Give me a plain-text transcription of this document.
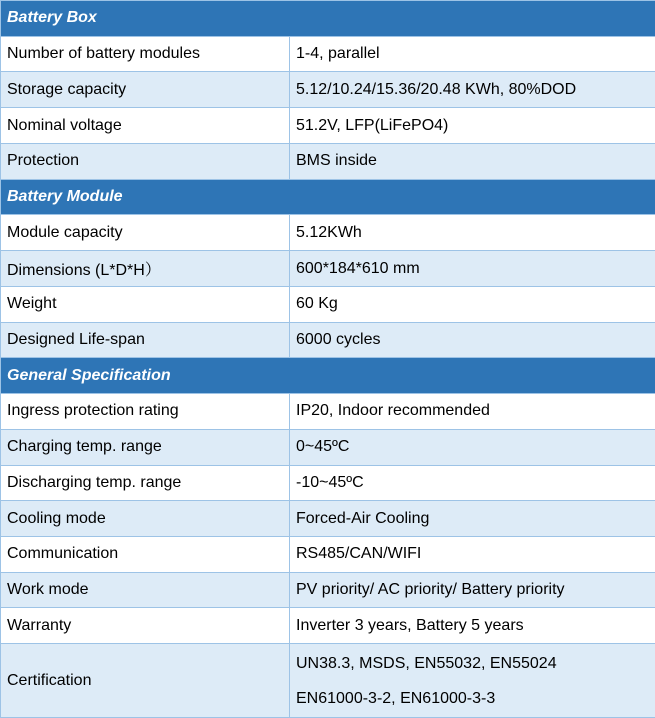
Battery Box	
Number of battery modules	1-4, parallel
Storage capacity	5.12/10.24/15.36/20.48 KWh, 80%DOD
Nominal voltage	51.2V, LFP(LiFePO4)
Protection	BMS inside
Battery Module	
Module capacity	5.12KWh
Dimensions (L*D*H）	600*184*610 mm
Weight	60 Kg
Designed Life-span	6000 cycles
General Specification	
Ingress protection rating	IP20, Indoor recommended
Charging temp. range	0~45ºC
Discharging temp. range	-10~45ºC
Cooling mode	Forced-Air Cooling
Communication	RS485/CAN/WIFI
Work mode	PV priority/ AC priority/ Battery priority
Warranty	Inverter 3 years, Battery 5 years
Certification	UN38.3, MSDS, EN55032, EN55024
EN61000-3-2, EN61000-3-3
